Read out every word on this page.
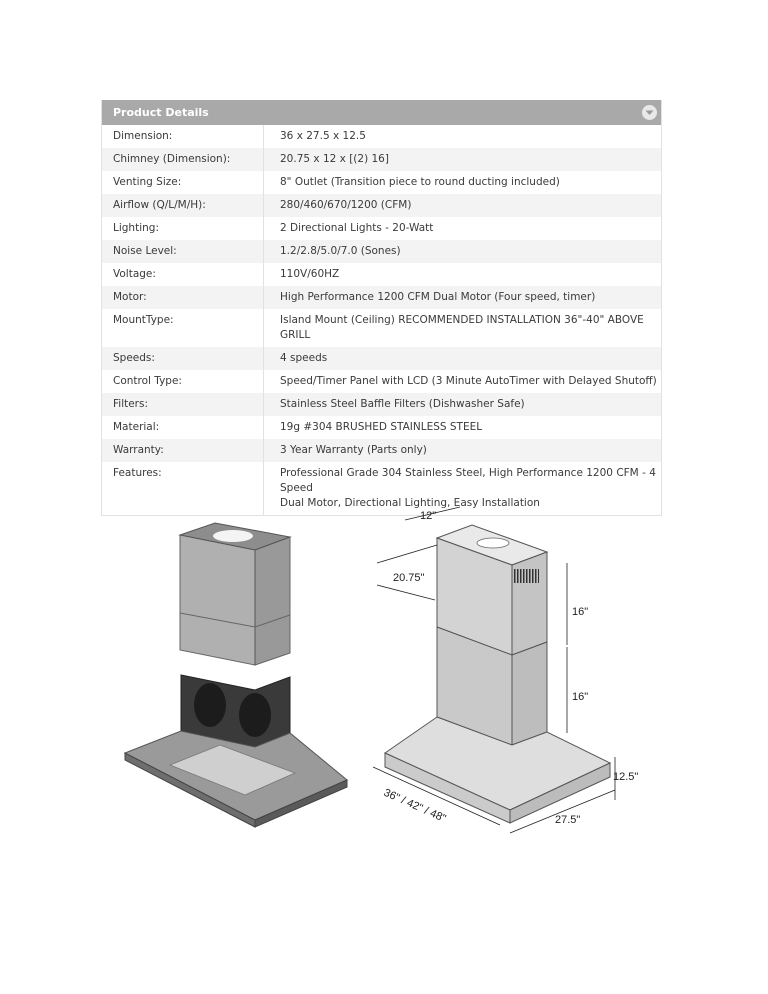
Product Details
Dimension:	36 x 27.5 x 12.5
Chimney (Dimension):	20.75 x 12 x [(2) 16]
Venting Size:	8" Outlet (Transition piece to round ducting included)
Airflow (Q/L/M/H):	280/460/670/1200 (CFM)
Lighting:	2 Directional Lights - 20-Watt
Noise Level:	1.2/2.8/5.0/7.0 (Sones)
Voltage:	110V/60HZ
Motor:	High Performance 1200 CFM Dual Motor (Four speed, timer)
MountType:	Island Mount (Ceiling) RECOMMENDED INSTALLATION 36"-40" ABOVE GRILL
Speeds:	4 speeds
Control Type:	Speed/Timer Panel with LCD (3 Minute AutoTimer with Delayed Shutoff)
Filters:	Stainless Steel Baffle Filters (Dishwasher Safe)
Material:	19g #304 BRUSHED STAINLESS STEEL
Warranty:	3 Year Warranty (Parts only)
Features:	Professional Grade 304 Stainless Steel, High Performance 1200 CFM - 4 Speed
Dual Motor, Directional Lighting, Easy Installation
12"
20.75"
16"
16"
12.5"
36" / 42" / 48"	27.5"
